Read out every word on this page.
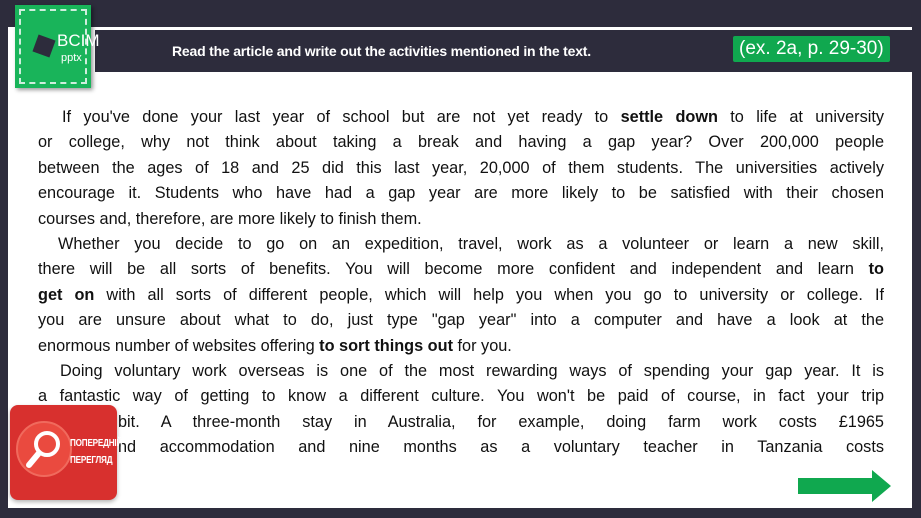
BCIM
pptx	Read the article and write out the activities mentioned in the text.	(ex. 2a, p. 29-30)
If you've done your last year of school but are not yet ready to settle down to life at university
or college, why not think about taking a break and having a gap year? Over 200,000 people
between the ages of 18 and 25 did this last year, 20,000 of them students. The universities actively
encourage it. Students who have had a gap year are more likely to be satisfied with their chosen
courses and, therefore, are more likely to finish them.
Whether you decide to go on an expedition, travel, work as a volunteer or learn a new skill,
there will be all sorts of benefits. You will become more confident and independent and learn to
get on with all sorts of different people, which will help you when you go to university or college. If
you are unsure about what to do, just type "gap year" into a computer and have a look at the
enormous number of websites offering to sort things out for you.
Doing voluntary work overseas is one of the most rewarding ways of spending your gap year. It is
a fantastic way of getting to know a different culture. You won't be paid of course, in fact your trip
bit. A three-month stay in Australia, for example, doing farm work costs £1965
nd accommodation and nine months as a voluntary teacher in Tanzania costs
ПОПЕРЕДНІЙ
ПЕРЕГЛЯД
